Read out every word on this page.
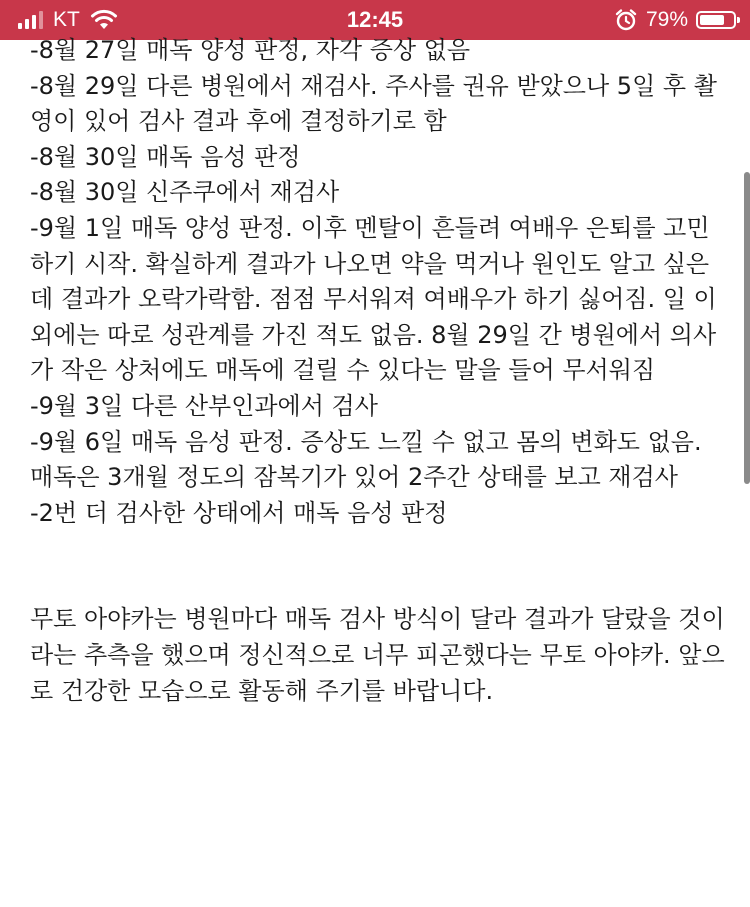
KT	12:45	79%

-8월 27일 매독 양성 판정, 자각 증상 없음

-8월 29일 다른 병원에서 재검사. 주사를 권유 받았으나 5일 후 촬영이 있어 검사 결과 후에 결정하기로 함

-8월 30일 매독 음성 판정

-8월 30일 신주쿠에서 재검사

-9월 1일 매독 양성 판정. 이후 멘탈이 흔들려 여배우 은퇴를 고민하기 시작. 확실하게 결과가 나오면 약을 먹거나 원인도 알고 싶은데 결과가 오락가락함. 점점 무서워져 여배우가 하기 싫어짐. 일 이외에는 따로 성관계를 가진 적도 없음. 8월 29일 간 병원에서 의사가 작은 상처에도 매독에 걸릴 수 있다는 말을 들어 무서워짐

-9월 3일 다른 산부인과에서 검사

-9월 6일 매독 음성 판정. 증상도 느낄 수 없고 몸의 변화도 없음. 매독은 3개월 정도의 잠복기가 있어 2주간 상태를 보고 재검사

-2번 더 검사한 상태에서 매독 음성 판정

무토 아야카는 병원마다 매독 검사 방식이 달라 결과가 달랐을 것이라는 추측을 했으며 정신적으로 너무 피곤했다는 무토 아야카. 앞으로 건강한 모습으로 활동해 주기를 바랍니다.
